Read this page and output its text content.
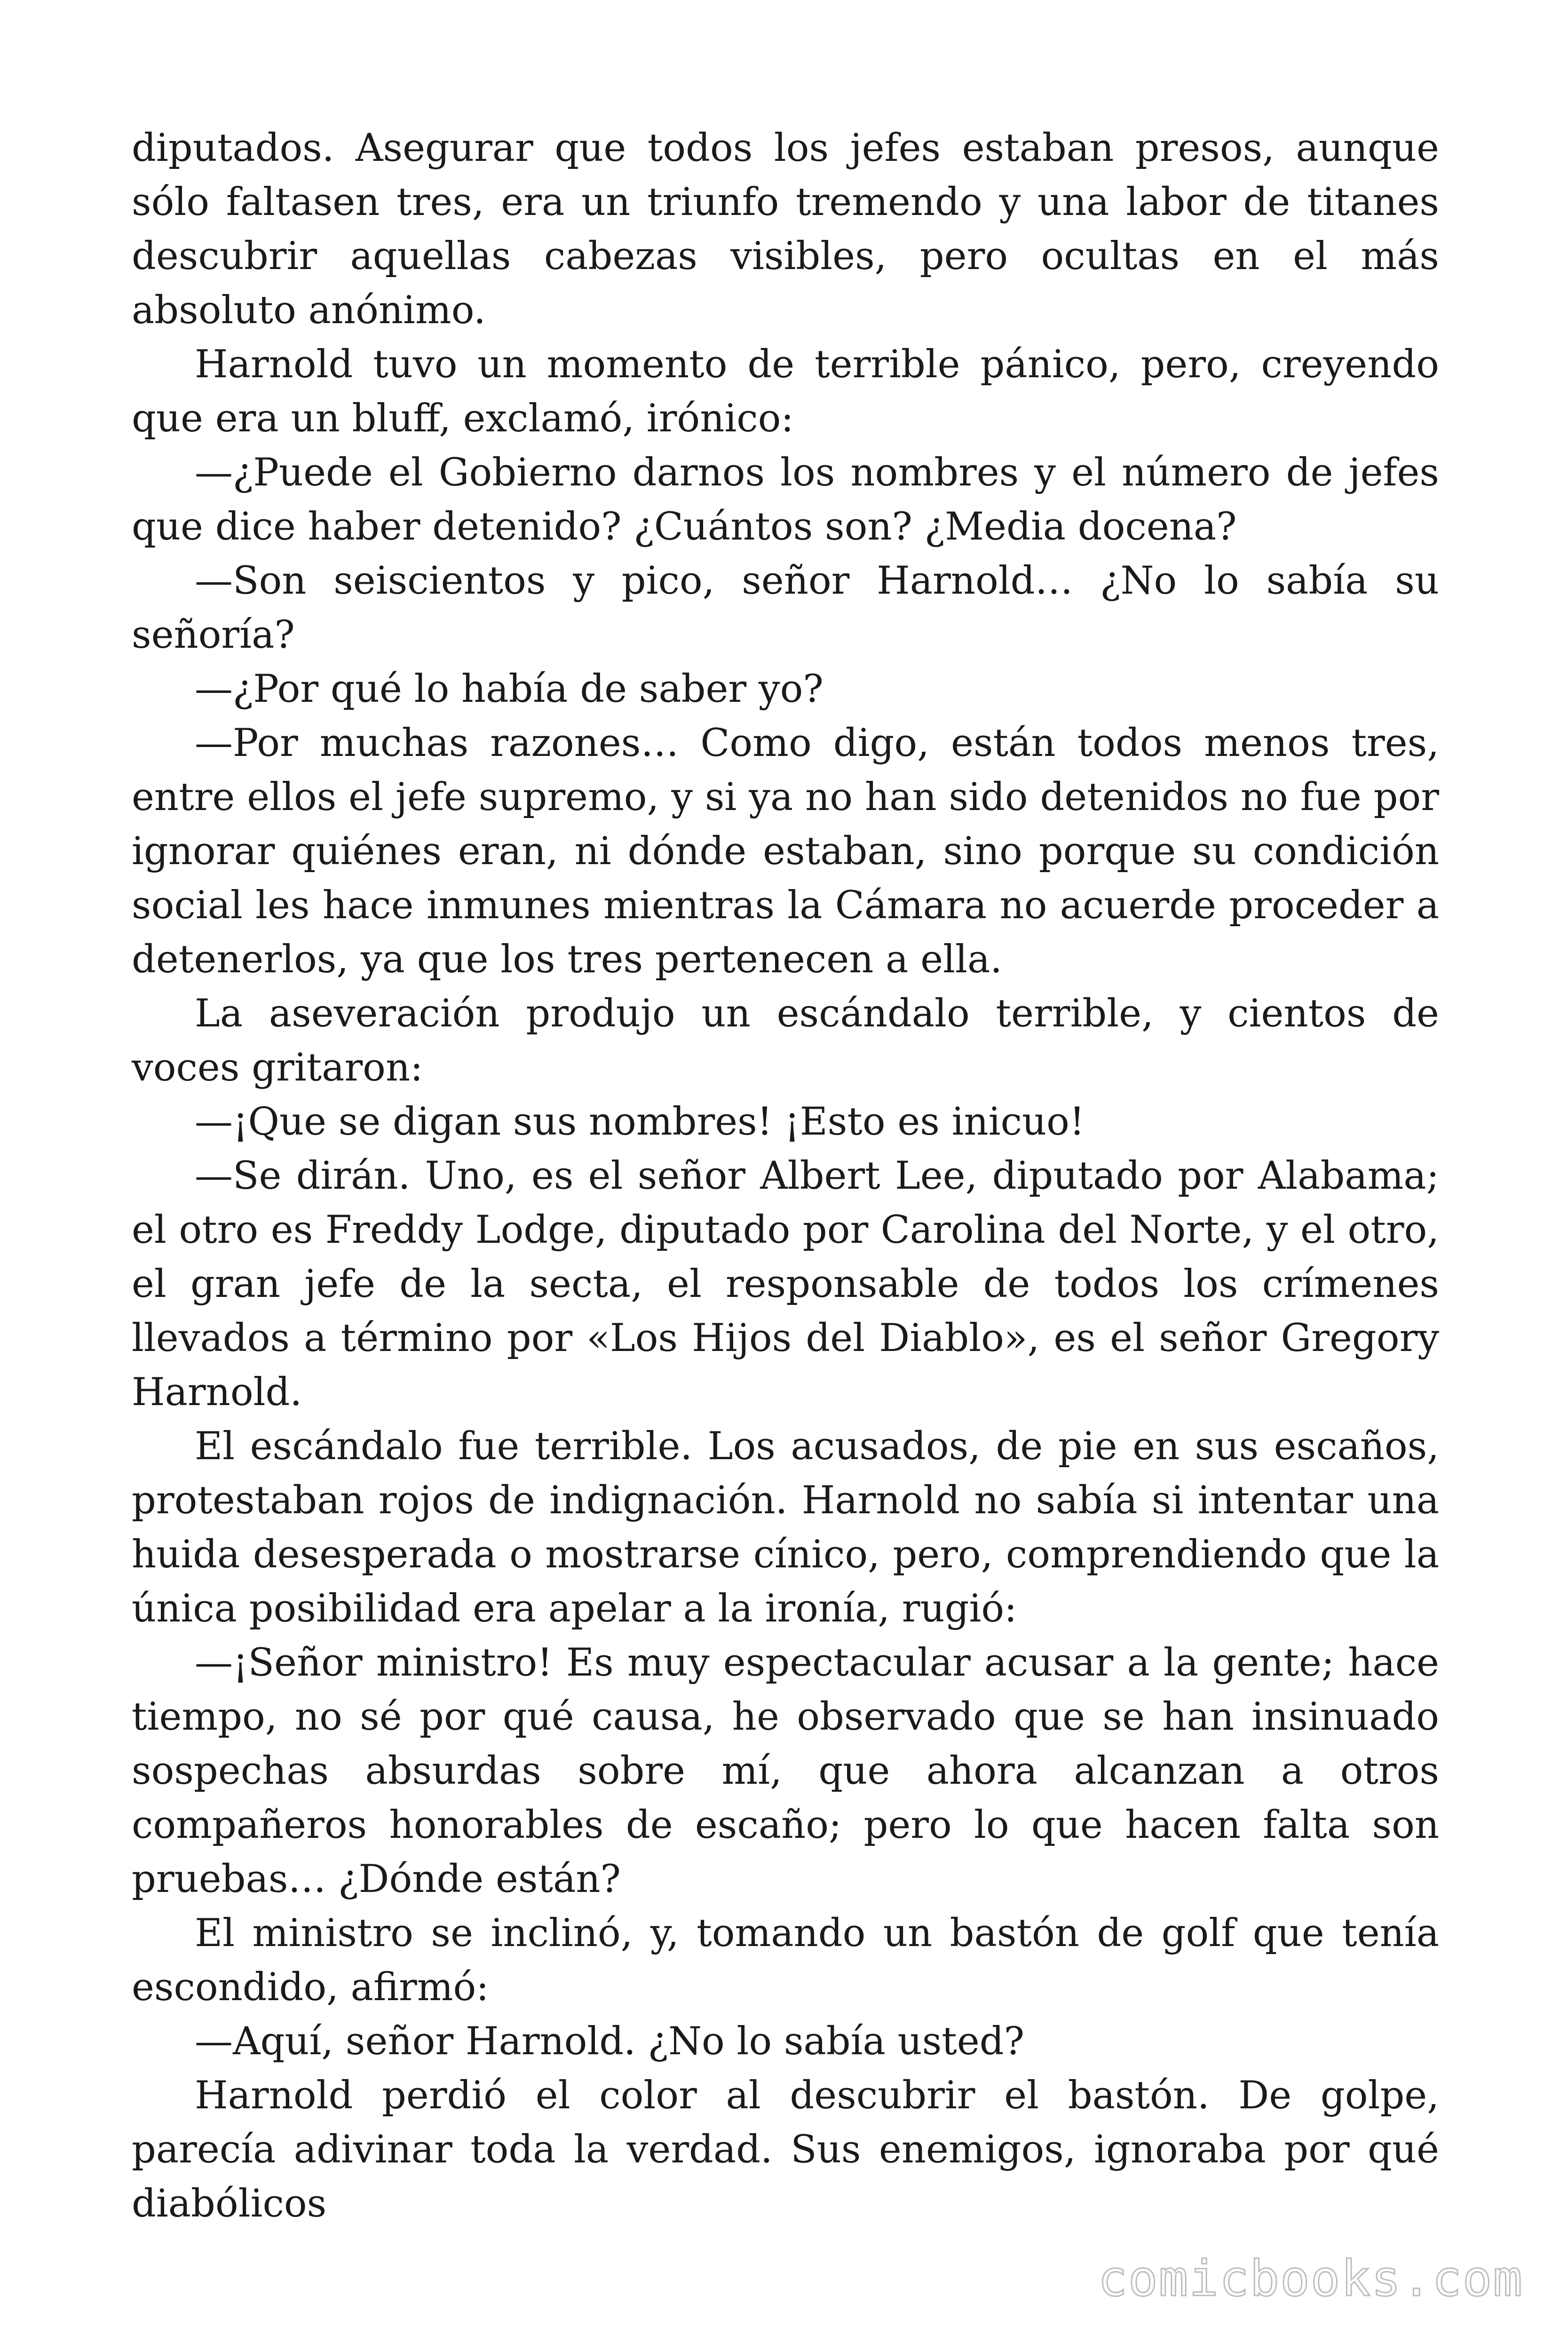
diputados. Asegurar que todos los jefes estaban presos, aunque sólo faltasen tres, era un triunfo tremendo y una labor de titanes descubrir aquellas cabezas visibles, pero ocultas en el más absoluto anónimo.

Harnold tuvo un momento de terrible pánico, pero, creyendo que era un bluff, exclamó, irónico:

—¿Puede el Gobierno darnos los nombres y el número de jefes que dice haber detenido? ¿Cuántos son? ¿Media docena?

—Son seiscientos y pico, señor Harnold… ¿No lo sabía su señoría?

—¿Por qué lo había de saber yo?

—Por muchas razones… Como digo, están todos menos tres, entre ellos el jefe supremo, y si ya no han sido detenidos no fue por ignorar quiénes eran, ni dónde estaban, sino porque su condición social les hace inmunes mientras la Cámara no acuerde proceder a detenerlos, ya que los tres pertenecen a ella.

La aseveración produjo un escándalo terrible, y cientos de voces gritaron:

—¡Que se digan sus nombres! ¡Esto es inicuo!

—Se dirán. Uno, es el señor Albert Lee, diputado por Alabama; el otro es Freddy Lodge, diputado por Carolina del Norte, y el otro, el gran jefe de la secta, el responsable de todos los crímenes llevados a término por «Los Hijos del Diablo», es el señor Gregory Harnold.

El escándalo fue terrible. Los acusados, de pie en sus escaños, protestaban rojos de indignación. Harnold no sabía si intentar una huida desesperada o mostrarse cínico, pero, comprendiendo que la única posibilidad era apelar a la ironía, rugió:

—¡Señor ministro! Es muy espectacular acusar a la gente; hace tiempo, no sé por qué causa, he observado que se han insinuado sospechas absurdas sobre mí, que ahora alcanzan a otros compañeros honorables de escaño; pero lo que hacen falta son pruebas… ¿Dónde están?

El ministro se inclinó, y, tomando un bastón de golf que tenía escondido, afirmó:

—Aquí, señor Harnold. ¿No lo sabía usted?

Harnold perdió el color al descubrir el bastón. De golpe, parecía adivinar toda la verdad. Sus enemigos, ignoraba por qué diabólicos

comicbooks.com
